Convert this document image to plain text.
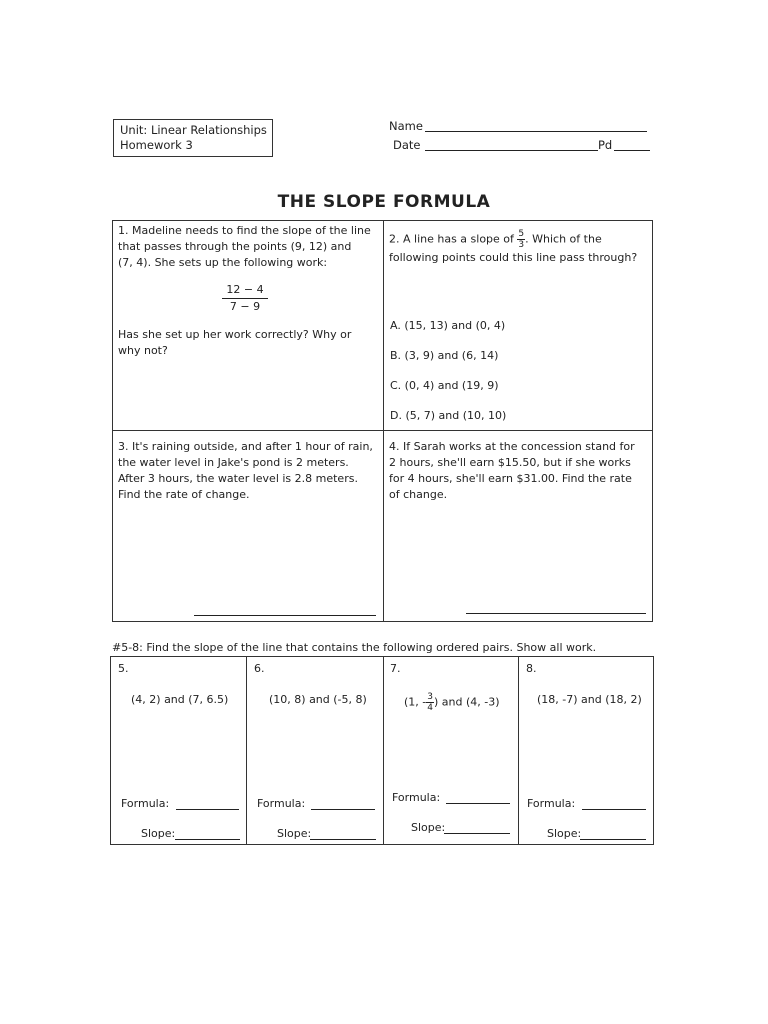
Unit: Linear Relationships
Homework 3
Name
Date	Pd
THE SLOPE FORMULA
1. Madeline needs to find the slope of the line
that passes through the points (9, 12) and
(7, 4). She sets up the following work:
$\frac{12 - 4}{7 - 9}$
Has she set up her work correctly? Why or
why not?
2. A line has a slope of $\frac{5}{3}$ . Which of the
following points could this line pass through?
A. (15, 13) and (0, 4)
B. (3, 9) and (6, 14)
C. (0, 4) and (19, 9)
D. (5, 7) and (10, 10)
3. It's raining outside, and after 1 hour of rain,
the water level in Jake's pond is 2 meters.
After 3 hours, the water level is 2.8 meters.
Find the rate of change.
4. If Sarah works at the concession stand for
2 hours, she'll earn $15.50, but if she works
for 4 hours, she'll earn $31.00. Find the rate
of change.
#5-8: Find the slope of the line that contains the following ordered pairs. Show all work.
5.
(4, 2) and (7, 6.5)
Formula:
Slope:
6.
(10, 8) and (-5, 8)
Formula:
Slope:
7.
(1, - $\frac{3}{4}$ ) and (4, -3)
Formula:
Slope:
8.
(18, -7) and (18, 2)
Formula:
Slope:
